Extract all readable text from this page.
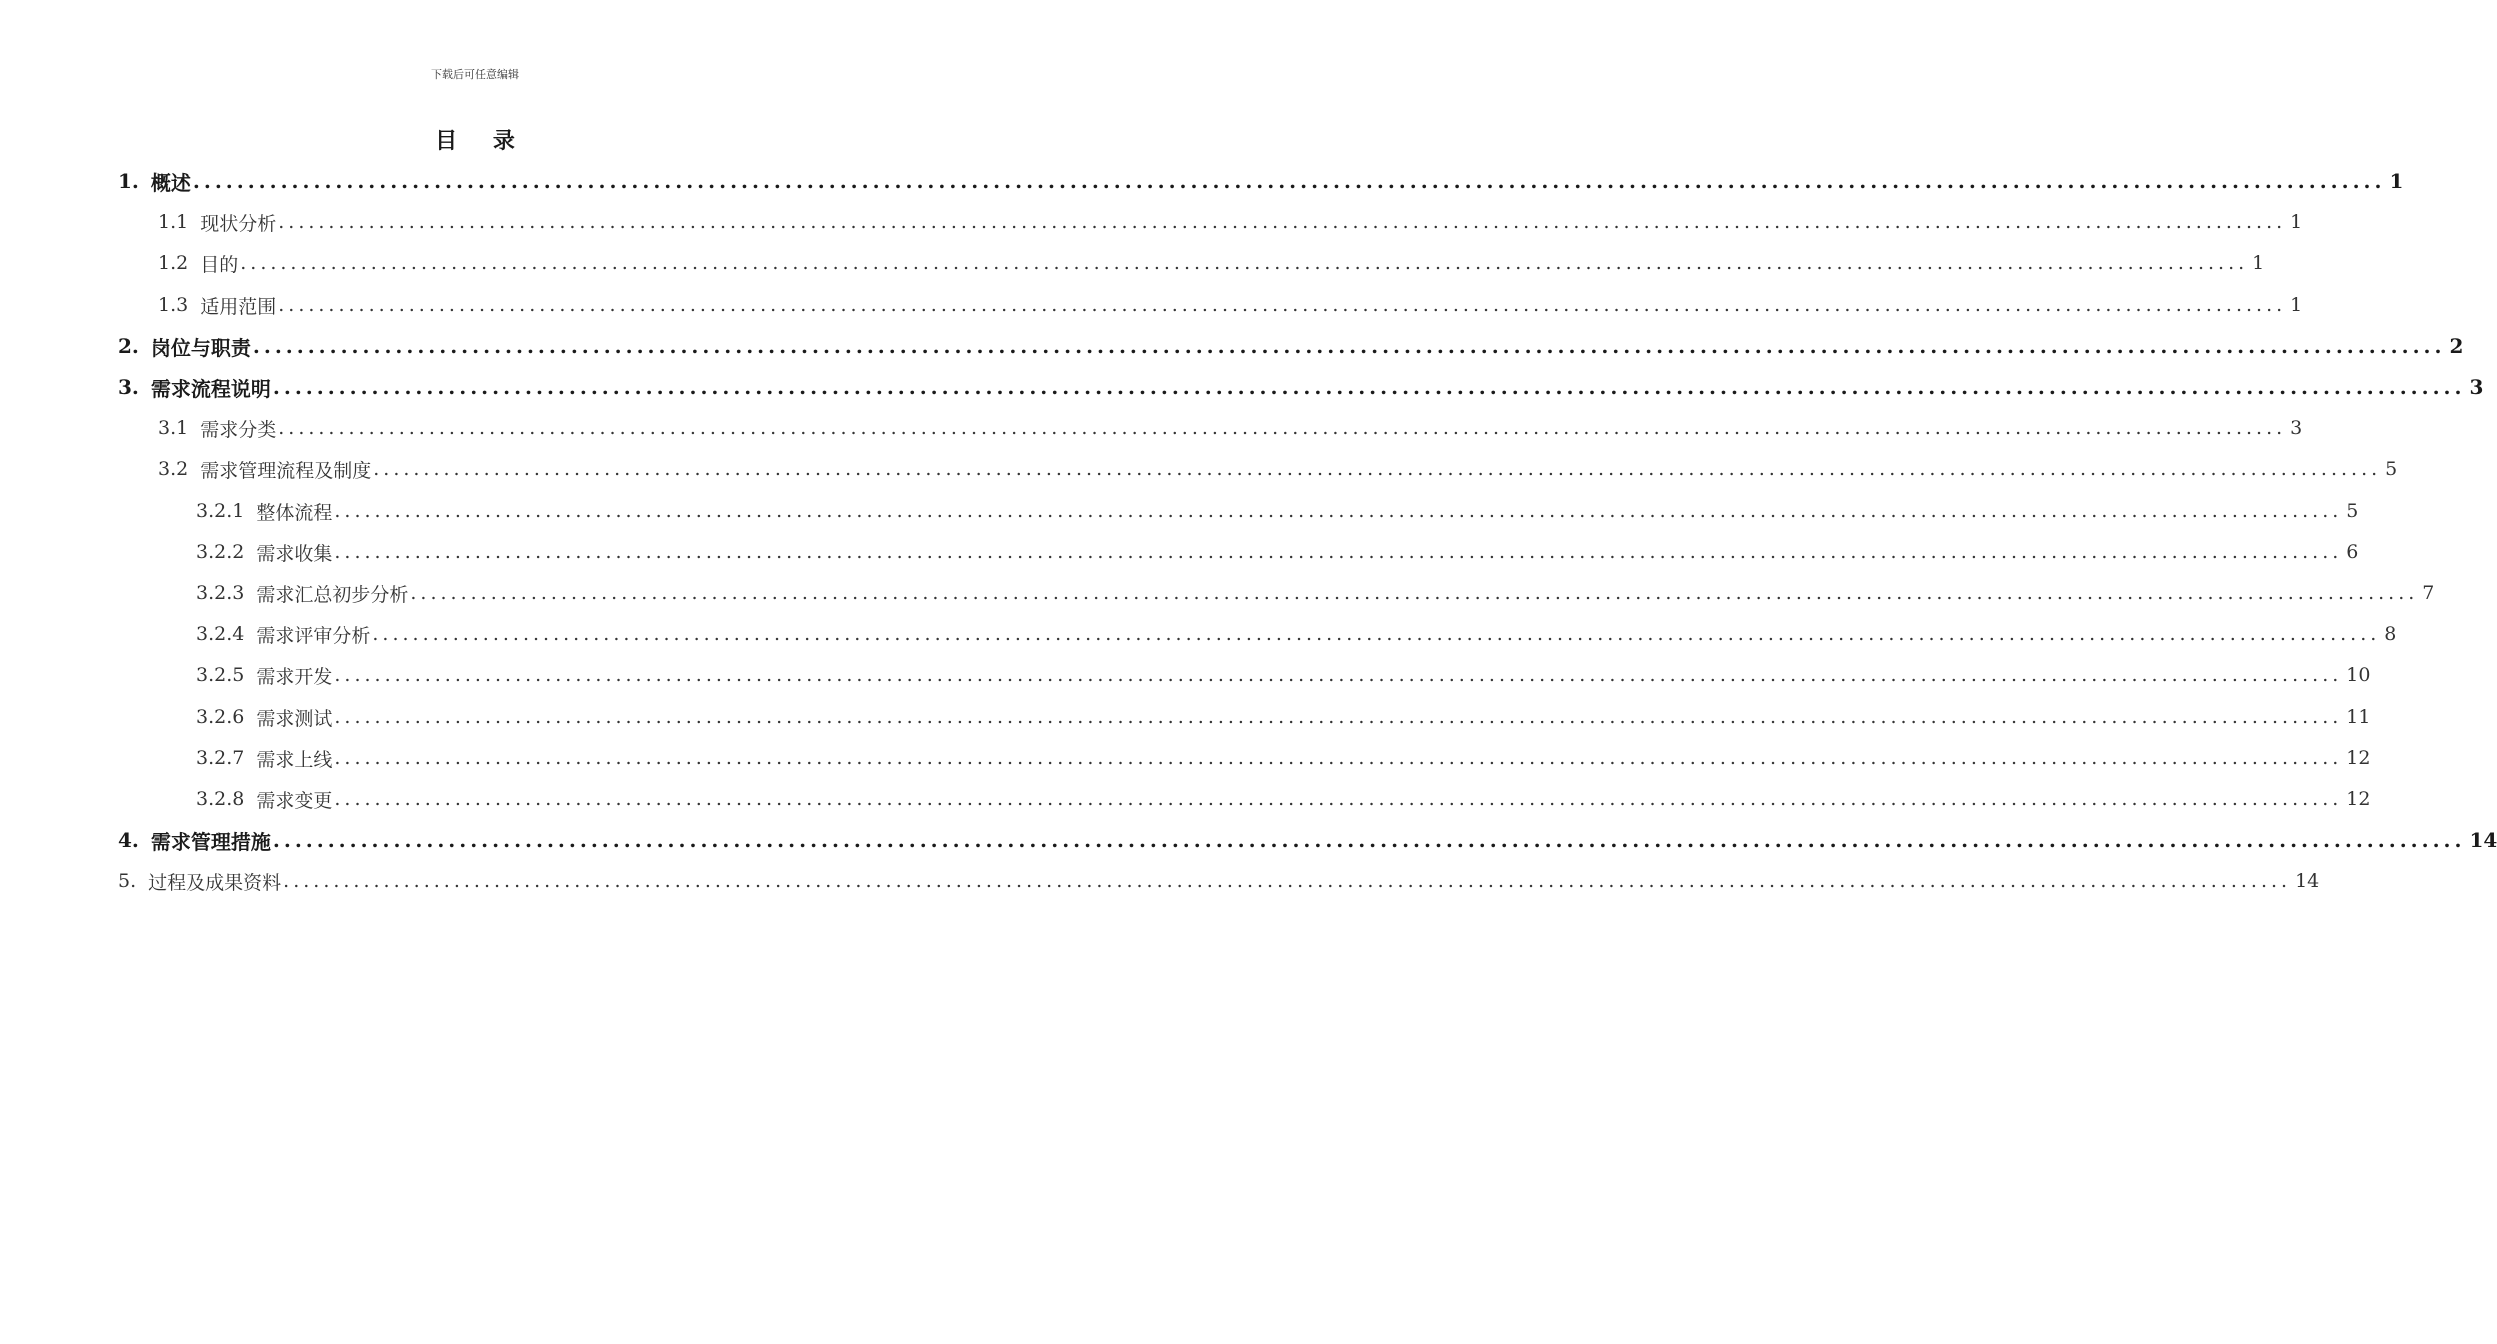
下载后可任意编辑
目 录
1. 概述 ........................................................................................................................................................................................................ 1
1.1 现状分析 ........................................................................................................................................................................................................ 1
1.2 目的 ........................................................................................................................................................................................................ 1
1.3 适用范围 ........................................................................................................................................................................................................ 1
2. 岗位与职责 ........................................................................................................................................................................................................ 2
3. 需求流程说明 ........................................................................................................................................................................................................ 3
3.1 需求分类 ........................................................................................................................................................................................................ 3
3.2 需求管理流程及制度 ........................................................................................................................................................................................................ 5
3.2.1 整体流程 ........................................................................................................................................................................................................ 5
3.2.2 需求收集 ........................................................................................................................................................................................................ 6
3.2.3 需求汇总初步分析 ........................................................................................................................................................................................................ 7
3.2.4 需求评审分析 ........................................................................................................................................................................................................ 8
3.2.5 需求开发 ........................................................................................................................................................................................................ 10
3.2.6 需求测试 ........................................................................................................................................................................................................ 11
3.2.7 需求上线 ........................................................................................................................................................................................................ 12
3.2.8 需求变更 ........................................................................................................................................................................................................ 12
4. 需求管理措施 ........................................................................................................................................................................................................ 14
5. 过程及成果资料 ........................................................................................................................................................................................................ 14
